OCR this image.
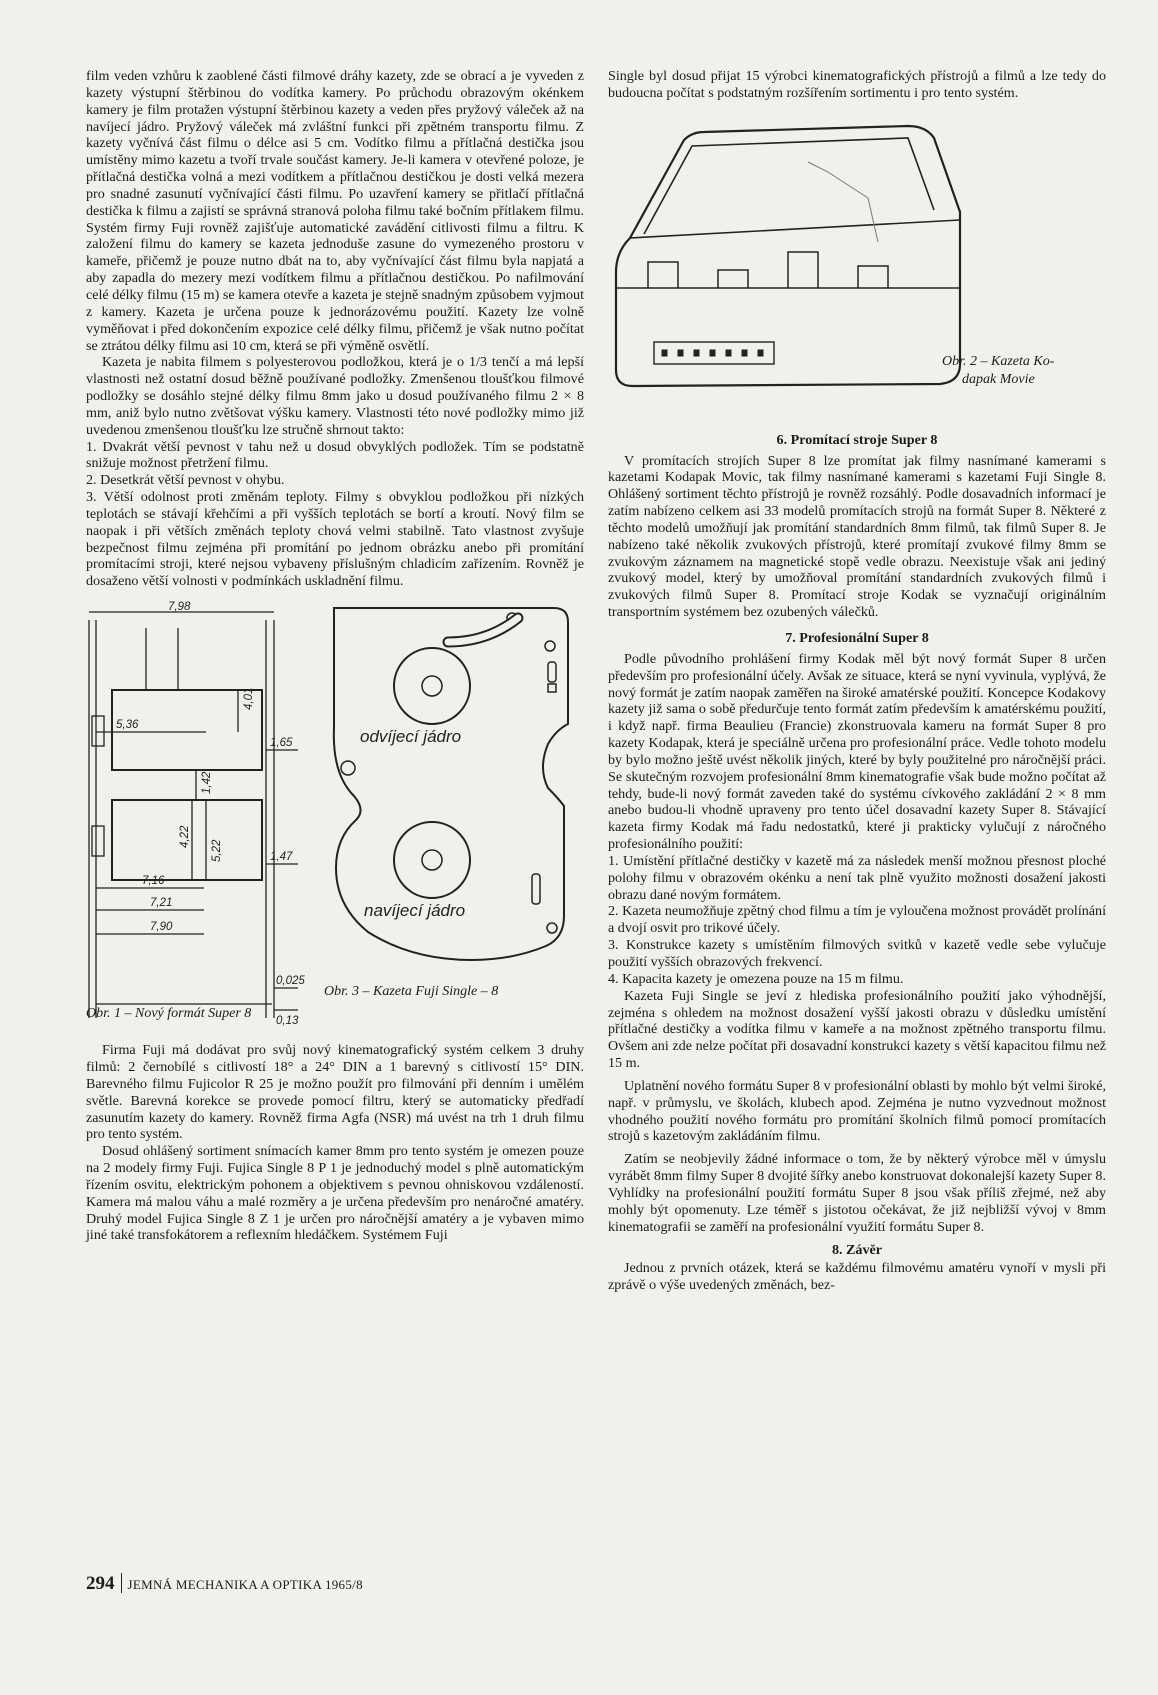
film veden vzhůru k zaoblené části filmové dráhy kazety, zde se obrací a je vyveden z kazety výstupní štěrbinou do vodítka kamery. Po průchodu obrazovým okénkem kamery je film protažen výstupní štěrbinou kazety a veden přes pryžový váleček až na navíjecí jádro. Pryžový váleček má zvláštní funkci při zpětném transportu filmu. Z kazety vyčnívá část filmu o délce asi 5 cm. Vodítko filmu a přítlačná destička jsou umístěny mimo kazetu a tvoří trvale součást kamery. Je-li kamera v otevřené poloze, je přítlačná destička volná a mezi vodítkem a přítlačnou destičkou je dosti velká mezera pro snadné zasunutí vyčnívající části filmu. Po uzavření kamery se přitlačí přítlačná destička k filmu a zajistí se správná stranová poloha filmu také bočním přítlakem filmu. Systém firmy Fuji rovněž zajišťuje automatické zavádění citlivosti filmu a filtru. K založení filmu do kamery se kazeta jednoduše zasune do vymezeného prostoru v kameře, přičemž je pouze nutno dbát na to, aby vyčnívající část filmu byla napjatá a aby zapadla do mezery mezi vodítkem filmu a přítlačnou destičkou. Po nafilmování celé délky filmu (15 m) se kamera otevře a kazeta je stejně snadným způsobem vyjmout z kamery. Kazeta je určena pouze k jednorázovému použití. Kazety lze volně vyměňovat i před dokončením expozice celé délky filmu, přičemž je však nutno počítat se ztrátou délky filmu asi 10 cm, která se při výměně osvětlí.

Kazeta je nabita filmem s polyesterovou podložkou, která je o 1/3 tenčí a má lepší vlastnosti než ostatní dosud běžně používané podložky. Zmenšenou tloušťkou filmové podložky se dosáhlo stejné délky filmu 8mm jako u dosud používaného filmu 2 × 8 mm, aniž bylo nutno zvětšovat výšku kamery. Vlastnosti této nové podložky mimo již uvedenou zmenšenou tloušťku lze stručně shrnout takto:

1. Dvakrát větší pevnost v tahu než u dosud obvyklých podložek. Tím se podstatně snižuje možnost přetržení filmu.

2. Desetkrát větší pevnost v ohybu.

3. Větší odolnost proti změnám teploty. Filmy s obvyklou podložkou při nízkých teplotách se stávají křehčími a při vyšších teplotách se bortí a kroutí. Nový film se naopak i při větších změnách teploty chová velmi stabilně. Tato vlastnost zvyšuje bezpečnost filmu zejména při promítání po jednom obrázku anebo při promítání promítacími stroji, které nejsou vybaveny příslušným chladicím zařízením. Rovněž je dosaženo větší volnosti v podmínkách uskladnění filmu.

7,98
5,36
4,01
1,65
1,42
4,22
5,22	1,47
7,16
7,21
7,90
0,025
0,13
odvíjecí jádro
navíjecí jádro
Obr. 3 – Kazeta Fuji Single – 8
Obr. 1 – Nový formát Super 8

Firma Fuji má dodávat pro svůj nový kinematografický systém celkem 3 druhy filmů: 2 černobílé s citlivostí 18° a 24° DIN a 1 barevný s citlivostí 15° DIN. Barevného filmu Fujicolor R 25 je možno použít pro filmování při denním i umělém světle. Barevná korekce se provede pomocí filtru, který se automaticky předřadí zasunutím kazety do kamery. Rovněž firma Agfa (NSR) má uvést na trh 1 druh filmu pro tento systém.

Dosud ohlášený sortiment snímacích kamer 8mm pro tento systém je omezen pouze na 2 modely firmy Fuji. Fujica Single 8 P 1 je jednoduchý model s plně automatickým řízením osvitu, elektrickým pohonem a objektivem s pevnou ohniskovou vzdáleností. Kamera má malou váhu a malé rozměry a je určena především pro nenáročné amatéry. Druhý model Fujica Single 8 Z 1 je určen pro náročnější amatéry a je vybaven mimo jiné také transfokátorem a reflexním hledáčkem. Systémem Fuji

Single byl dosud přijat 15 výrobci kinematografických přístrojů a filmů a lze tedy do budoucna počítat s podstatným rozšířením sortimentu i pro tento systém.

Obr. 2 – Kazeta Ko-
dapak Movie

6. Promítací stroje Super 8

V promítacích strojích Super 8 lze promítat jak filmy nasnímané kamerami s kazetami Kodapak Movic, tak filmy nasnímané kamerami s kazetami Fuji Single 8. Ohlášený sortiment těchto přístrojů je rovněž rozsáhlý. Podle dosavadních informací je zatím nabízeno celkem asi 33 modelů promítacích strojů na formát Super 8. Některé z těchto modelů umožňují jak promítání standardních 8mm filmů, tak filmů Super 8. Je nabízeno také několik zvukových přístrojů, které promítají zvukové filmy 8mm se zvukovým záznamem na magnetické stopě vedle obrazu. Neexistuje však ani jediný zvukový model, který by umožňoval promítání standardních zvukových filmů i zvukových filmů Super 8. Promítací stroje Kodak se vyznačují originálním transportním systémem bez ozubených válečků.

7. Profesionální Super 8

Podle původního prohlášení firmy Kodak měl být nový formát Super 8 určen především pro profesionální účely. Avšak ze situace, která se nyní vyvinula, vyplývá, že nový formát je zatím naopak zaměřen na široké amatérské použití. Koncepce Kodakovy kazety již sama o sobě předurčuje tento formát zatím především k amatérskému použití, i když např. firma Beaulieu (Francie) zkonstruovala kameru na formát Super 8 pro kazety Kodapak, která je speciálně určena pro profesionální práce. Vedle tohoto modelu by bylo možno ještě uvést několik jiných, které by byly použitelné pro náročnější práci. Se skutečným rozvojem profesionální 8mm kinematografie však bude možno počítat až tehdy, bude-li nový formát zaveden také do systému cívkového zakládání 2 × 8 mm anebo budou-li vhodně upraveny pro tento účel dosavadní kazety Super 8. Stávající kazeta firmy Kodak má řadu nedostatků, které ji prakticky vylučují z náročného profesionálního použití:

1. Umístění přítlačné destičky v kazetě má za následek menší možnou přesnost ploché polohy filmu v obrazovém okénku a není tak plně využito možnosti dosažení jakosti obrazu dané novým formátem.

2. Kazeta neumožňuje zpětný chod filmu a tím je vyloučena možnost provádět prolínání a dvojí osvit pro trikové účely.

3. Konstrukce kazety s umístěním filmových svitků v kazetě vedle sebe vylučuje použití vyšších obrazových frekvencí.

4. Kapacita kazety je omezena pouze na 15 m filmu.

Kazeta Fuji Single se jeví z hlediska profesionálního použití jako výhodnější, zejména s ohledem na možnost dosažení vyšší jakosti obrazu v důsledku umístění přítlačné destičky a vodítka filmu v kameře a na možnost zpětného transportu filmu. Ovšem ani zde nelze počítat při dosavadní konstrukci kazety s větší kapacitou filmu než 15 m.

Uplatnění nového formátu Super 8 v profesionální oblasti by mohlo být velmi široké, např. v průmyslu, ve školách, klubech apod. Zejména je nutno vyzvednout možnost vhodného použití nového formátu pro promítání školních filmů pomocí promítacích strojů s kazetovým zakládáním filmu.

Zatím se neobjevily žádné informace o tom, že by některý výrobce měl v úmyslu vyrábět 8mm filmy Super 8 dvojité šířky anebo konstruovat dokonalejší kazety Super 8. Vyhlídky na profesionální použití formátu Super 8 jsou však příliš zřejmé, než aby mohly být opomenuty. Lze téměř s jistotou očekávat, že již nejbližší vývoj v 8mm kinematografii se zaměří na profesionální využití formátu Super 8.

8. Závěr

Jednou z prvních otázek, která se každému filmovému amatéru vynoří v mysli při zprávě o výše uvedených změnách, bez-

294 JEMNÁ MECHANIKA A OPTIKA 1965/8
